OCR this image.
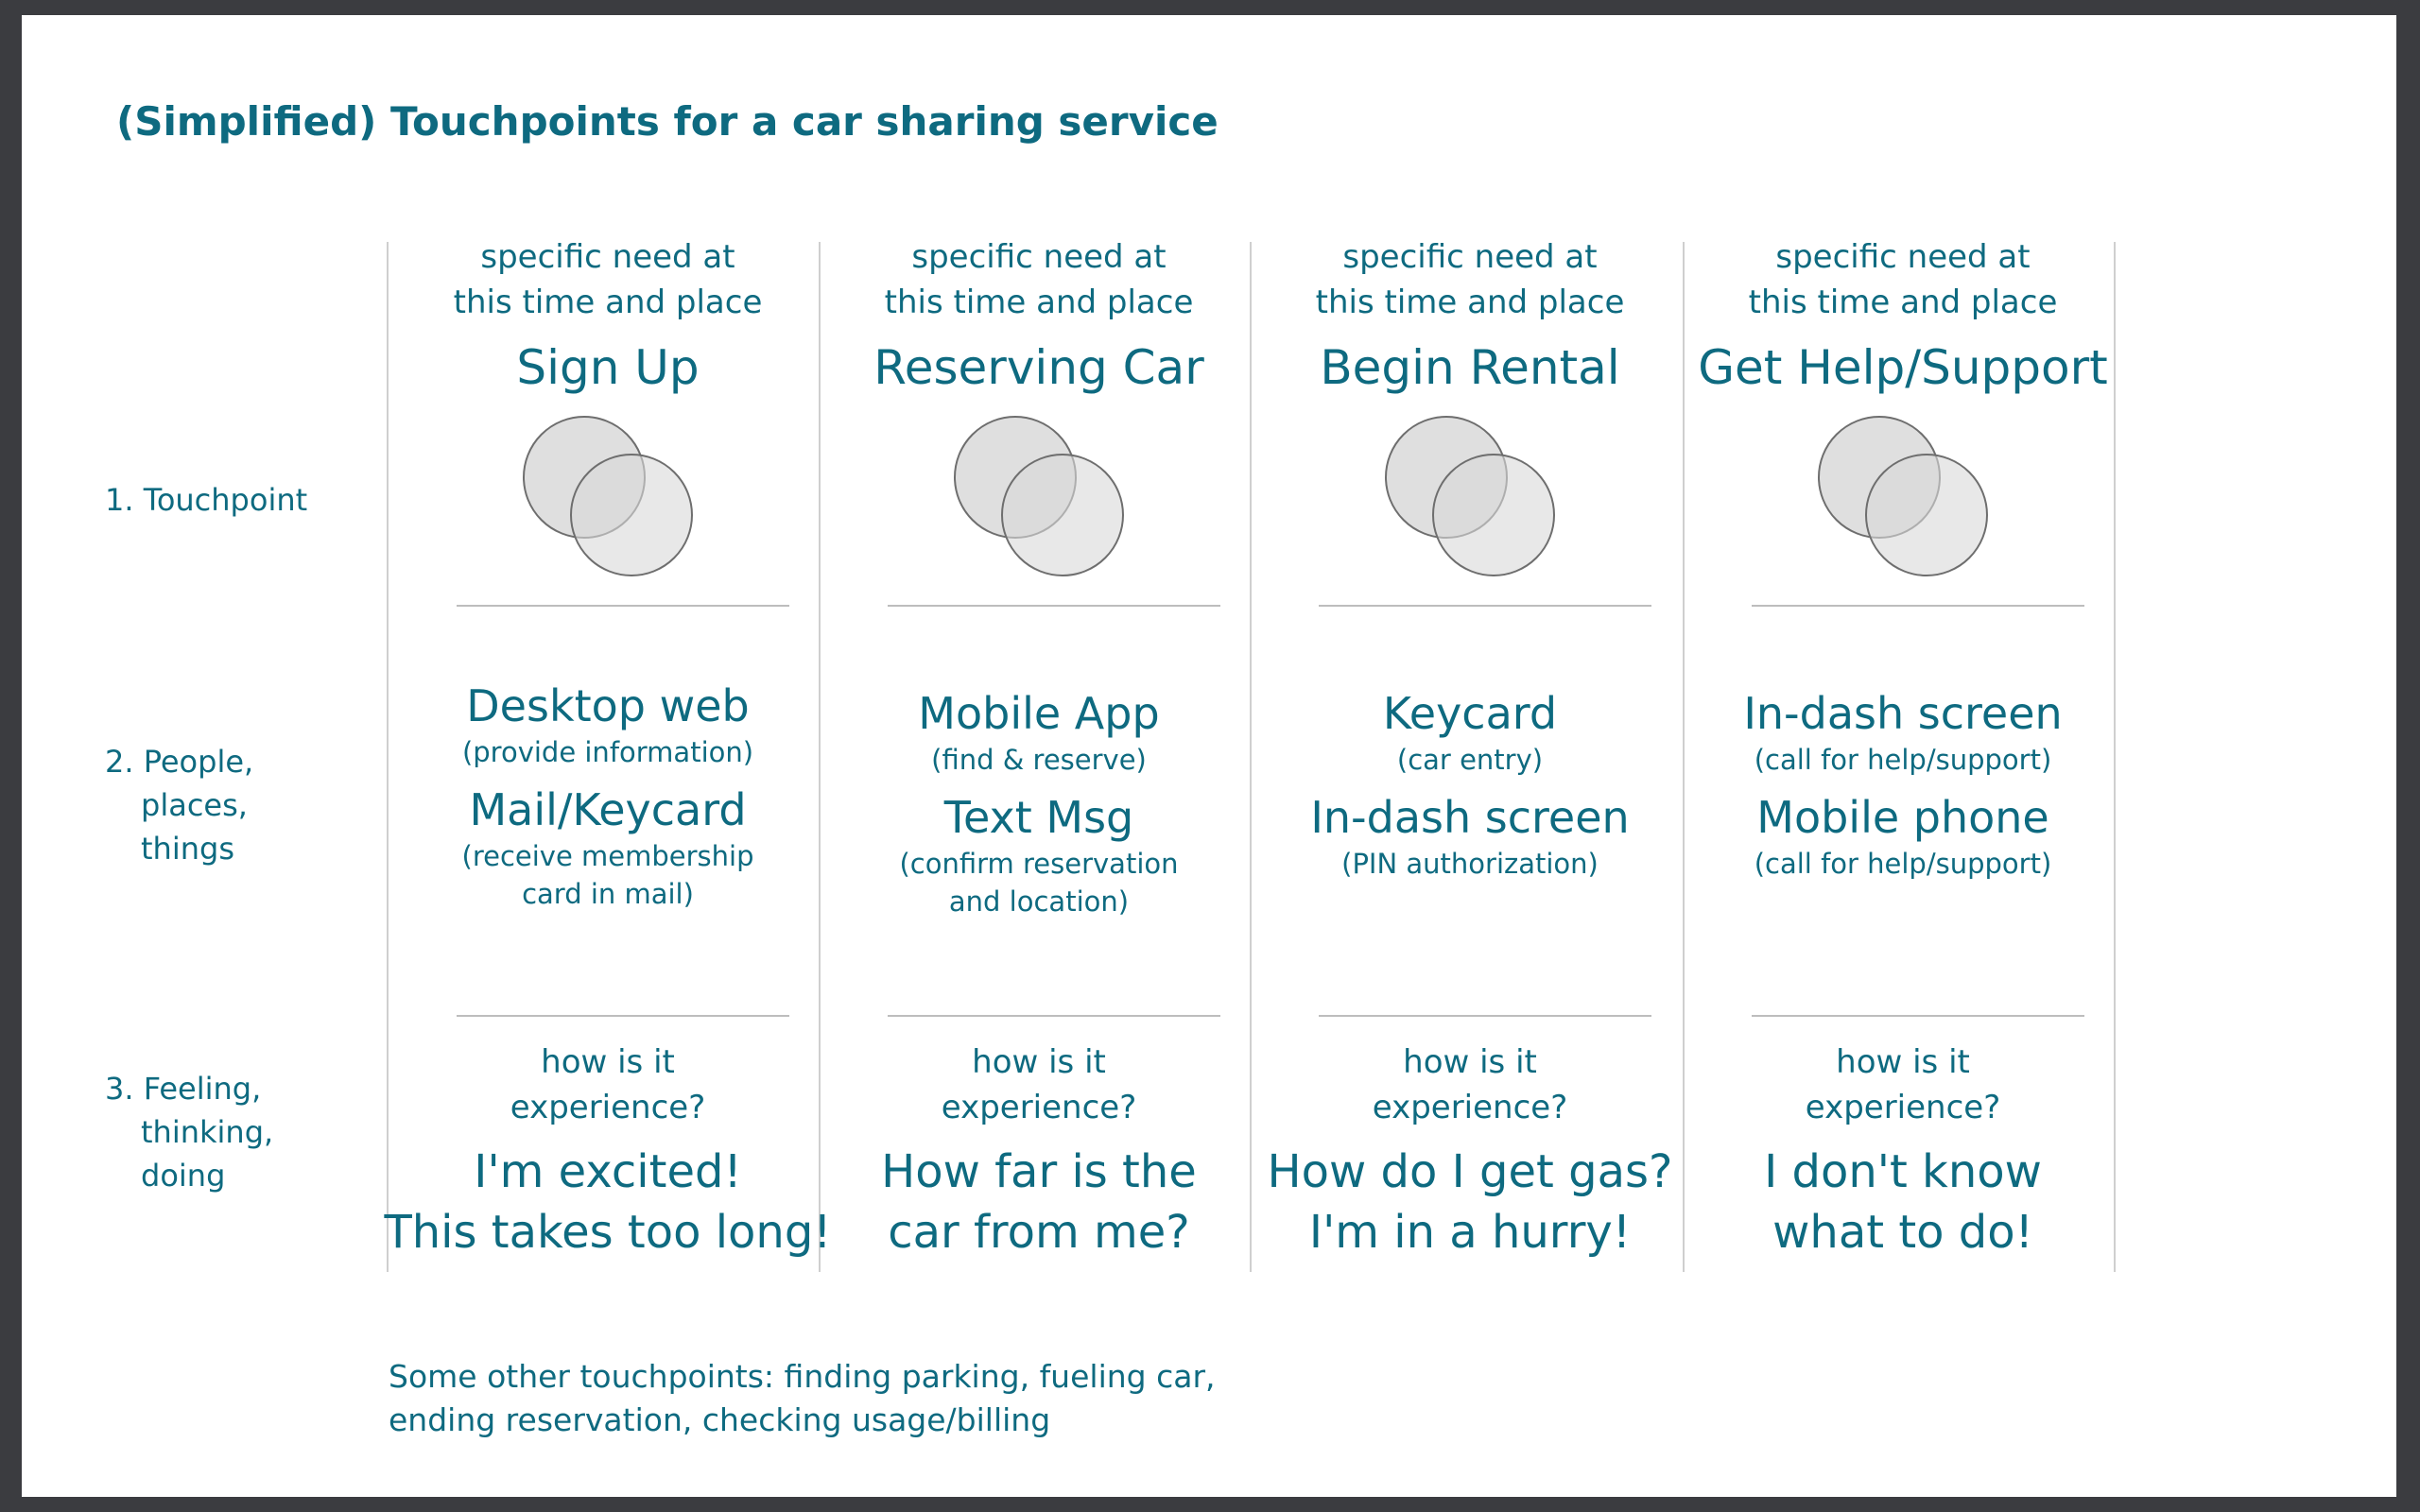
(Simplified) Touchpoints for a car sharing service
1. Touchpoint
2. People,
places,
things
3. Feeling,
thinking,
doing
specific need at
this time and place
Sign Up
Desktop web
(provide information)
Mail/Keycard
(receive membership
card in mail)
how is it
experience?
I'm excited!
This takes too long!
specific need at
this time and place
Reserving Car
Mobile App
(find & reserve)
Text Msg
(confirm reservation
and location)
how is it
experience?
How far is the
car from me?
specific need at
this time and place
Begin Rental
Keycard
(car entry)
In-dash screen
(PIN authorization)
how is it
experience?
How do I get gas?
I'm in a hurry!
specific need at
this time and place
Get Help/Support
In-dash screen
(call for help/support)
Mobile phone
(call for help/support)
how is it
experience?
I don't know
what to do!
Some other touchpoints: finding parking, fueling car,
ending reservation, checking usage/billing
